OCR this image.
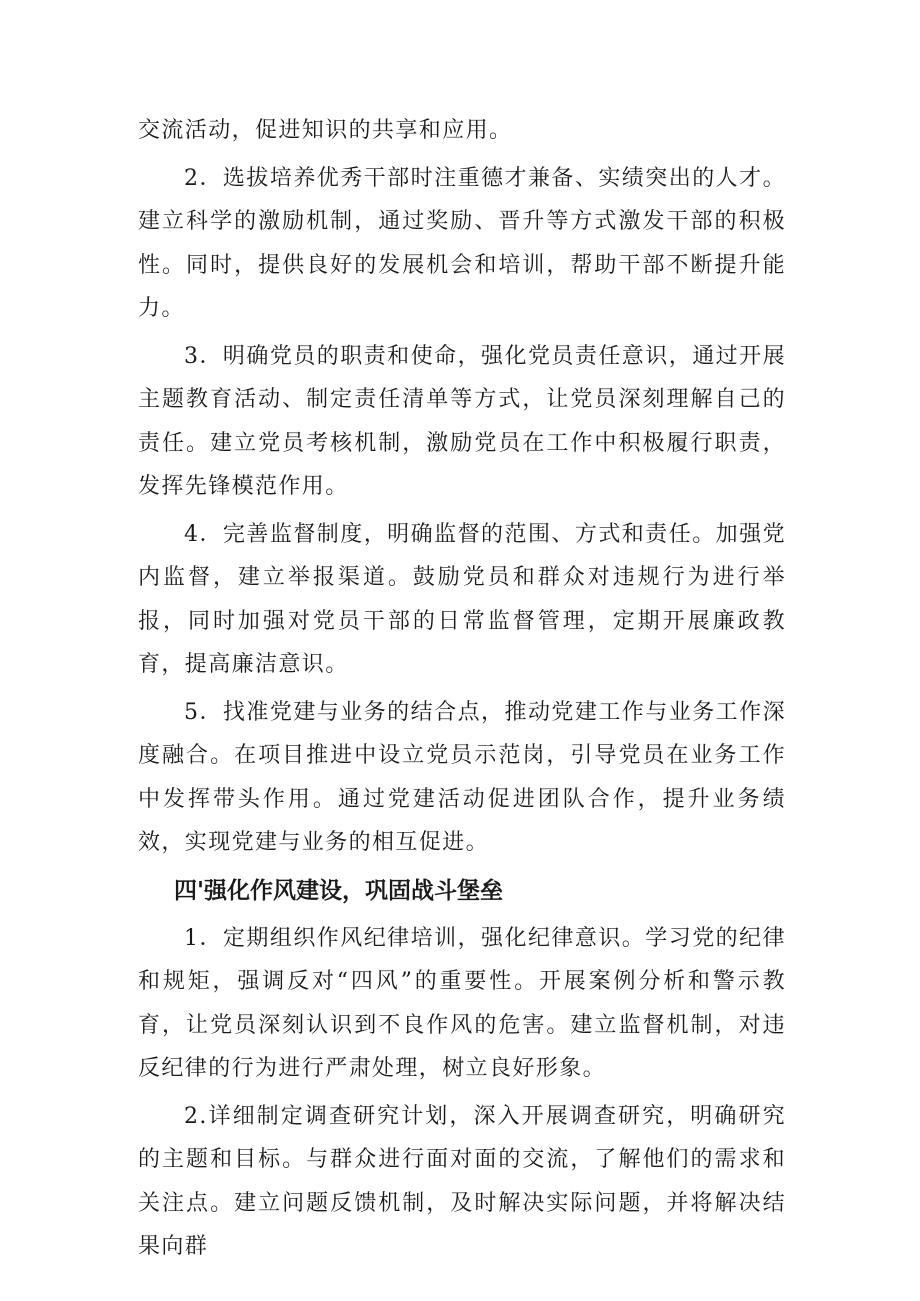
交流活动，促进知识的共享和应用。

2．选拔培养优秀干部时注重德才兼备、实绩突出的人才。建立科学的激励机制，通过奖励、晋升等方式激发干部的积极性。同时，提供良好的发展机会和培训，帮助干部不断提升能力。

3．明确党员的职责和使命，强化党员责任意识，通过开展主题教育活动、制定责任清单等方式，让党员深刻理解自己的责任。建立党员考核机制，激励党员在工作中积极履行职责，发挥先锋模范作用。

4．完善监督制度，明确监督的范围、方式和责任。加强党内监督，建立举报渠道。鼓励党员和群众对违规行为进行举报，同时加强对党员干部的日常监督管理，定期开展廉政教育，提高廉洁意识。

5．找准党建与业务的结合点，推动党建工作与业务工作深度融合。在项目推进中设立党员示范岗，引导党员在业务工作中发挥带头作用。通过党建活动促进团队合作，提升业务绩效，实现党建与业务的相互促进。

四'强化作风建设，巩固战斗堡垒

1．定期组织作风纪律培训，强化纪律意识。学习党的纪律和规矩，强调反对“四风”的重要性。开展案例分析和警示教育，让党员深刻认识到不良作风的危害。建立监督机制，对违反纪律的行为进行严肃处理，树立良好形象。

2.详细制定调查研究计划，深入开展调查研究，明确研究的主题和目标。与群众进行面对面的交流，了解他们的需求和关注点。建立问题反馈机制，及时解决实际问题，并将解决结果向群
